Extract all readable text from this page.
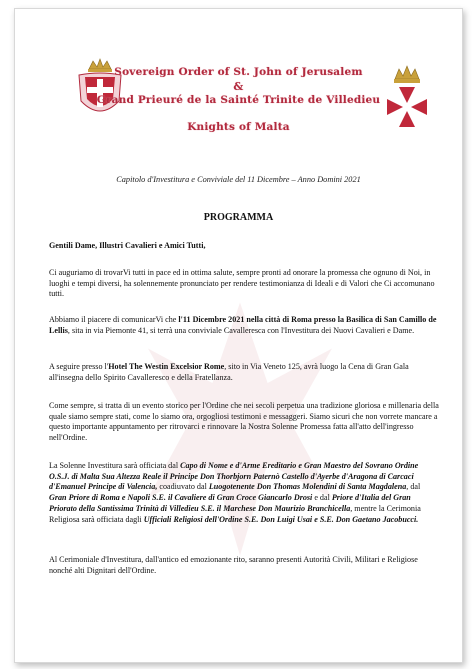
Sovereign Order of St. John of Jerusalem
&
Grand Prieuré de la Sainté Trinite de Villedieu
Knights of Malta
Capitolo d'Investitura e Conviviale del 11 Dicembre – Anno Domini 2021
PROGRAMMA
Gentili Dame, Illustri Cavalieri e Amici Tutti,
Ci auguriamo di trovarVi tutti in pace ed in ottima salute, sempre pronti ad onorare la promessa che ognuno di Noi, in luoghi e tempi diversi, ha solennemente pronunciato per rendere testimonianza di Ideali e di Valori che Ci accomunano tutti.
Abbiamo il piacere di comunicarVi che l'11 Dicembre 2021 nella città di Roma presso la Basilica di San Camillo de Lellis, sita in via Piemonte 41, si terrà una conviviale Cavalleresca con l'Investitura dei Nuovi Cavalieri e Dame.
A seguire presso l'Hotel The Westin Excelsior Rome, sito in Via Veneto 125, avrà luogo la Cena di Gran Gala all'insegna dello Spirito Cavalleresco e della Fratellanza.
Come sempre, si tratta di un evento storico per l'Ordine che nei secoli perpetua una tradizione gloriosa e millenaria della quale siamo sempre stati, come lo siamo ora, orgogliosi testimoni e messaggeri. Siamo sicuri che non vorrete mancare a questo importante appuntamento per ritrovarci e rinnovare la Nostra Solenne Promessa fatta all'atto dell'ingresso nell'Ordine.
La Solenne Investitura sarà officiata dal Capo di Nome e d'Arme Ereditario e Gran Maestro del Sovrano Ordine O.S.J. di Malta Sua Altezza Reale il Principe Don Thorbjorn Paternò Castello d'Ayerbe d'Aragona di Carcaci d'Emanuel Principe di Valencia, coadiuvato dal Luogotenente Don Thomas Molendini di Santa Magdalena, dal Gran Priore di Roma e Napoli S.E. il Cavaliere di Gran Croce Giancarlo Drosi e dal Priore d'Italia del Gran Priorato della Santissima Trinità di Villedieu S.E. il Marchese Don Maurizio Branchicella, mentre la Cerimonia Religiosa sarà officiata dagli Ufficiali Religiosi dell'Ordine S.E. Don Luigi Usai e S.E. Don Gaetano Jacobucci.
Al Cerimoniale d'Investitura, dall'antico ed emozionante rito, saranno presenti Autorità Civili, Militari e Religiose nonché alti Dignitari dell'Ordine.
